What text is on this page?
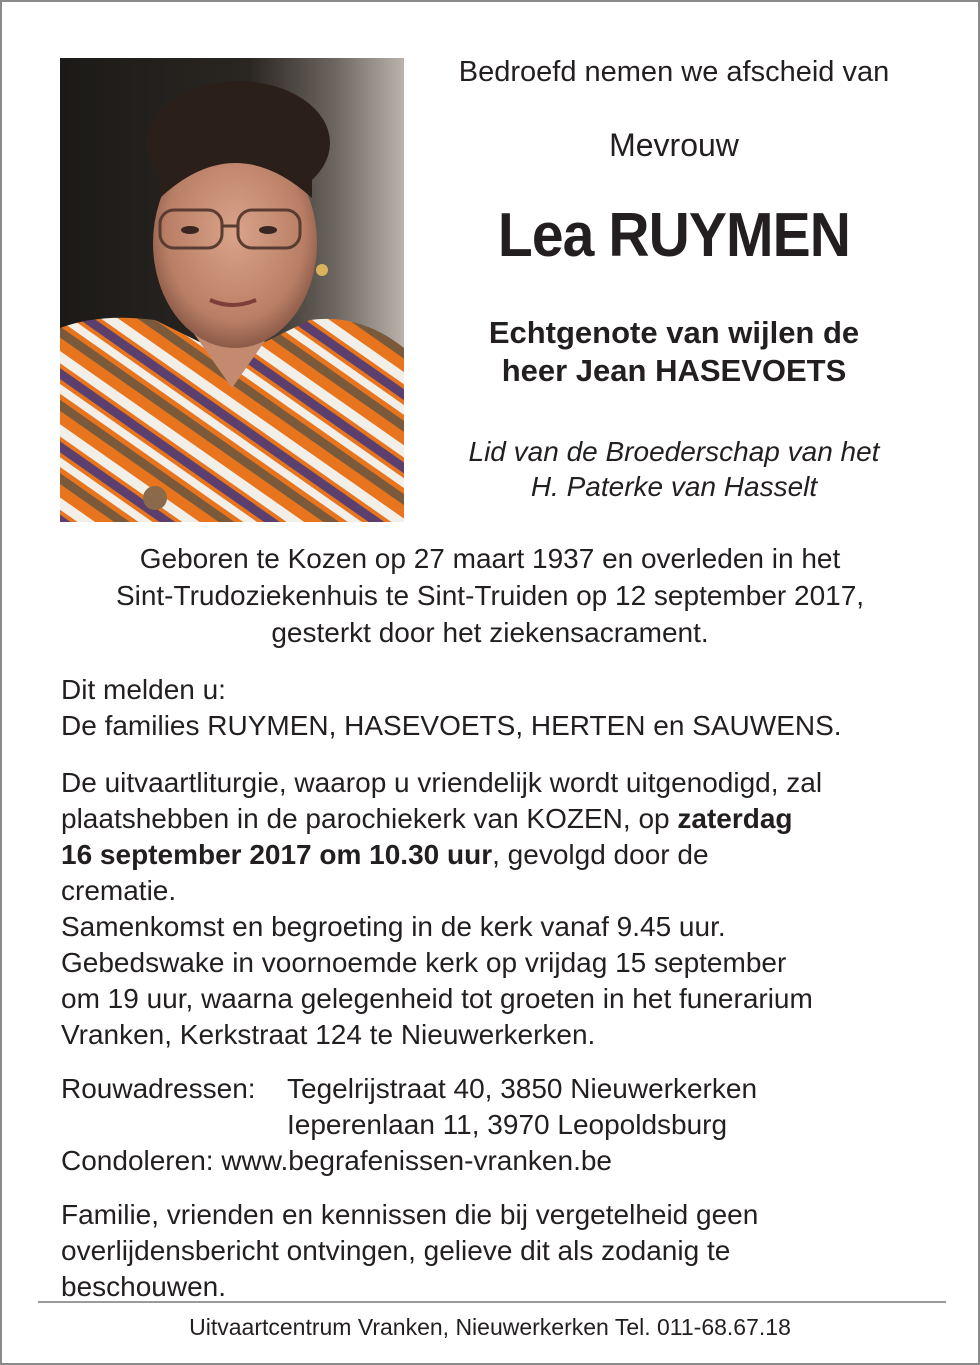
Bedroefd nemen we afscheid van
Mevrouw
Lea RUYMEN
Echtgenote van wijlen de
heer Jean HASEVOETS
Lid van de Broederschap van het
H. Paterke van Hasselt
Geboren te Kozen op 27 maart 1937 en overleden in het
Sint-Trudoziekenhuis te Sint-Truiden op 12 september 2017,
gesterkt door het ziekensacrament.
Dit melden u:
De families RUYMEN, HASEVOETS, HERTEN en SAUWENS.
De uitvaartliturgie, waarop u vriendelijk wordt uitgenodigd, zal
plaatshebben in de parochiekerk van KOZEN, op zaterdag
16 september 2017 om 10.30 uur, gevolgd door de
crematie.
Samenkomst en begroeting in de kerk vanaf 9.45 uur.
Gebedswake in voornoemde kerk op vrijdag 15 september
om 19 uur, waarna gelegenheid tot groeten in het funerarium
Vranken, Kerkstraat 124 te Nieuwerkerken.
Rouwadressen: Tegelrijstraat 40, 3850 Nieuwerkerken
Ieperenlaan 11, 3970 Leopoldsburg
Condoleren: www.begrafenissen-vranken.be
Familie, vrienden en kennissen die bij vergetelheid geen
overlijdensbericht ontvingen, gelieve dit als zodanig te
beschouwen.
Uitvaartcentrum Vranken, Nieuwerkerken Tel. 011-68.67.18
